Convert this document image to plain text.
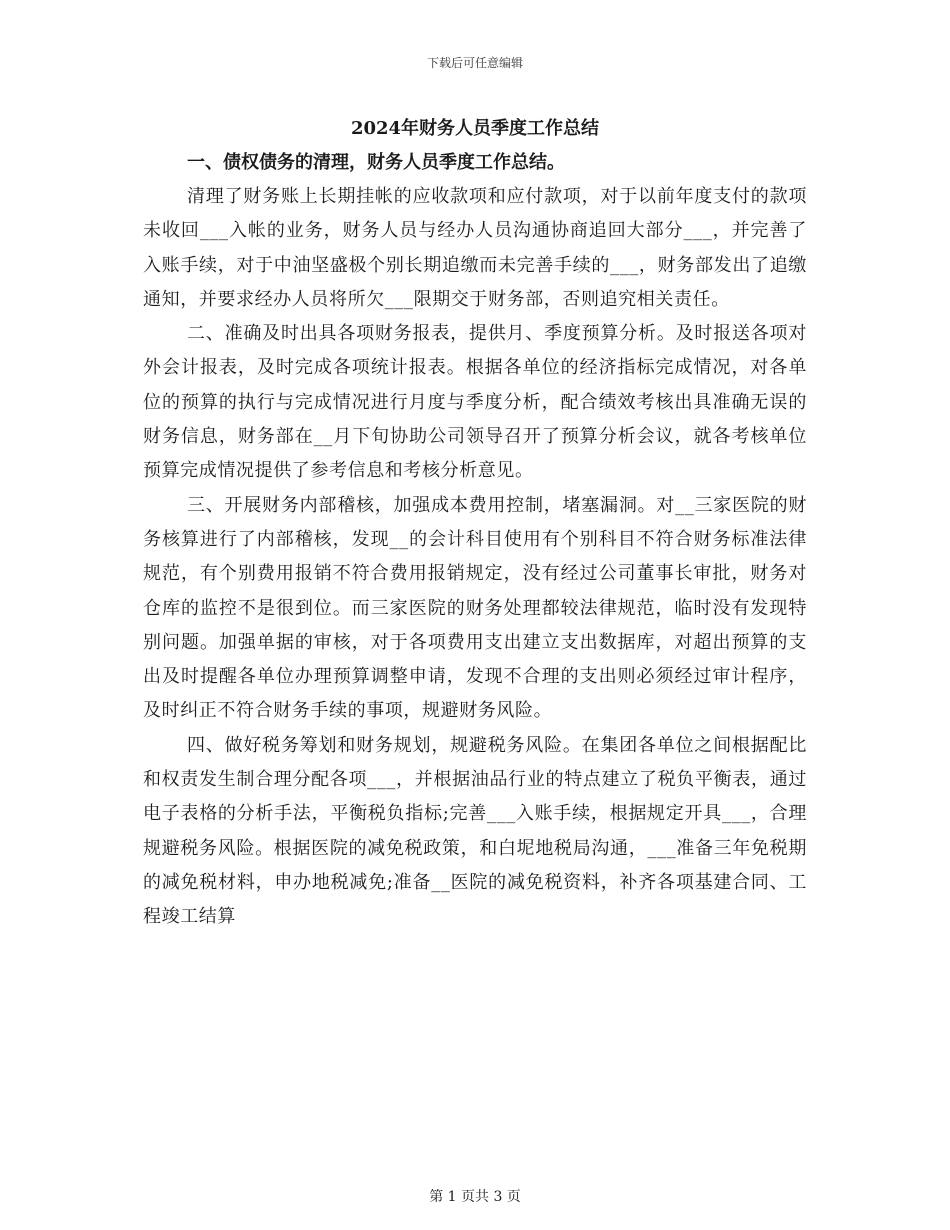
下载后可任意编辑
2024年财务人员季度工作总结
一、债权债务的清理，财务人员季度工作总结。

清理了财务账上长期挂帐的应收款项和应付款项，对于以前年度支付的款项未收回___入帐的业务，财务人员与经办人员沟通协商追回大部分___，并完善了入账手续，对于中油坚盛极个别长期追缴而未完善手续的___，财务部发出了追缴通知，并要求经办人员将所欠___限期交于财务部，否则追究相关责任。

二、准确及时出具各项财务报表，提供月、季度预算分析。及时报送各项对外会计报表，及时完成各项统计报表。根据各单位的经济指标完成情况，对各单位的预算的执行与完成情况进行月度与季度分析，配合绩效考核出具准确无误的财务信息，财务部在__月下旬协助公司领导召开了预算分析会议，就各考核单位预算完成情况提供了参考信息和考核分析意见。

三、开展财务内部稽核，加强成本费用控制，堵塞漏洞。对__三家医院的财务核算进行了内部稽核，发现__的会计科目使用有个别科目不符合财务标准法律规范，有个别费用报销不符合费用报销规定，没有经过公司董事长审批，财务对仓库的监控不是很到位。而三家医院的财务处理都较法律规范，临时没有发现特别问题。加强单据的审核，对于各项费用支出建立支出数据库，对超出预算的支出及时提醒各单位办理预算调整申请，发现不合理的支出则必须经过审计程序，及时纠正不符合财务手续的事项，规避财务风险。

四、做好税务筹划和财务规划，规避税务风险。在集团各单位之间根据配比和权责发生制合理分配各项___，并根据油品行业的特点建立了税负平衡表，通过电子表格的分析手法，平衡税负指标;完善___入账手续，根据规定开具___，合理规避税务风险。根据医院的减免税政策，和白坭地税局沟通，___准备三年免税期的减免税材料，申办地税减免;准备__医院的减免税资料，补齐各项基建合同、工程竣工结算

第 1 页共 3 页
